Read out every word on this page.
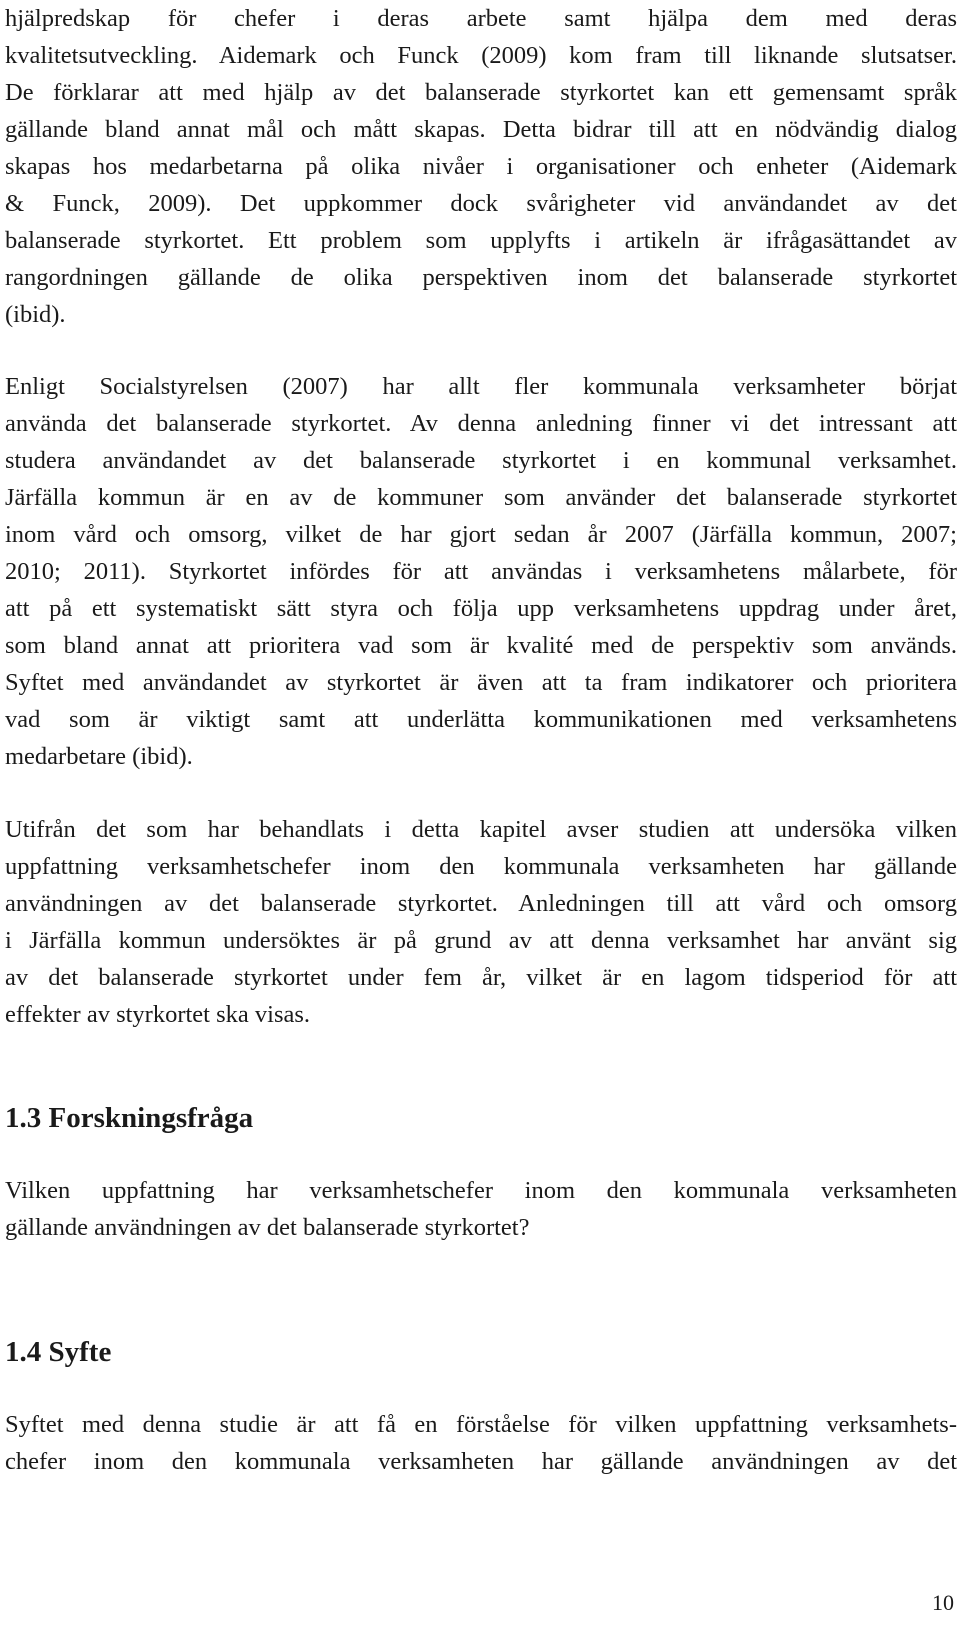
hjälpredskap för chefer i deras arbete samt hjälpa dem med deras
kvalitetsutveckling. Aidemark och Funck (2009) kom fram till liknande slutsatser.
De förklarar att med hjälp av det balanserade styrkortet kan ett gemensamt språk
gällande bland annat mål och mått skapas. Detta bidrar till att en nödvändig dialog
skapas hos medarbetarna på olika nivåer i organisationer och enheter (Aidemark
& Funck, 2009). Det uppkommer dock svårigheter vid användandet av det
balanserade styrkortet. Ett problem som upplyfts i artikeln är ifrågasättandet av
rangordningen gällande de olika perspektiven inom det balanserade styrkortet
(ibid).
Enligt Socialstyrelsen (2007) har allt fler kommunala verksamheter börjat
använda det balanserade styrkortet. Av denna anledning finner vi det intressant att
studera användandet av det balanserade styrkortet i en kommunal verksamhet.
Järfälla kommun är en av de kommuner som använder det balanserade styrkortet
inom vård och omsorg, vilket de har gjort sedan år 2007 (Järfälla kommun, 2007;
2010; 2011). Styrkortet infördes för att användas i verksamhetens målarbete, för
att på ett systematiskt sätt styra och följa upp verksamhetens uppdrag under året,
som bland annat att prioritera vad som är kvalité med de perspektiv som används.
Syftet med användandet av styrkortet är även att ta fram indikatorer och prioritera
vad som är viktigt samt att underlätta kommunikationen med verksamhetens
medarbetare (ibid).
Utifrån det som har behandlats i detta kapitel avser studien att undersöka vilken
uppfattning verksamhetschefer inom den kommunala verksamheten har gällande
användningen av det balanserade styrkortet. Anledningen till att vård och omsorg
i Järfälla kommun undersöktes är på grund av att denna verksamhet har använt sig
av det balanserade styrkortet under fem år, vilket är en lagom tidsperiod för att
effekter av styrkortet ska visas.
1.3 Forskningsfråga
Vilken uppfattning har verksamhetschefer inom den kommunala verksamheten
gällande användningen av det balanserade styrkortet?
1.4 Syfte
Syftet med denna studie är att få en förståelse för vilken uppfattning verksamhets-
chefer inom den kommunala verksamheten har gällande användningen av det
10
